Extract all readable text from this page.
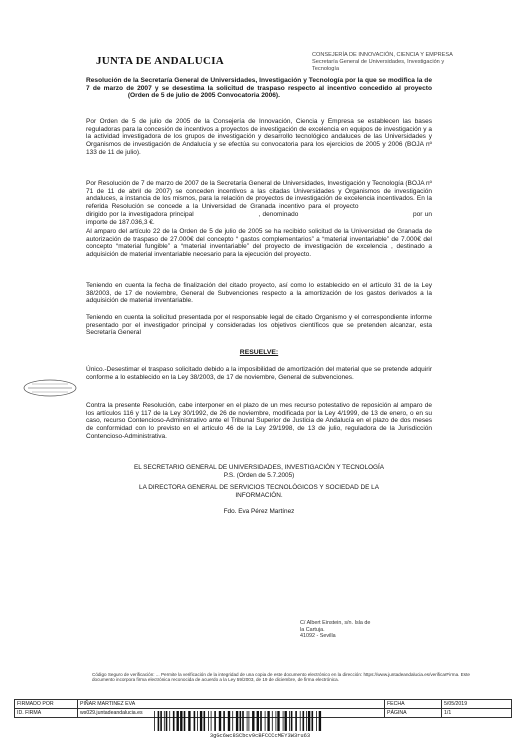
JUNTA DE ANDALUCIA	CONSEJERÍA DE INNOVACIÓN, CIENCIA Y EMPRESA
Secretaría General de Universidades, Investigación y
Tecnología
Resolución de la Secretaría General de Universidades, Investigación y Tecnología por la que se modifica la de 7 de marzo de 2007 y se desestima la solicitud de traspaso respecto al incentivo concedido al proyecto  (Orden de 5 de julio de 2005 Convocatoria 2006).
Por Orden de 5 de julio de 2005 de la Consejería de Innovación, Ciencia y Empresa se establecen las bases reguladoras para la concesión de incentivos a proyectos de investigación de excelencia en equipos de investigación y a la actividad investigadora de los grupos de investigación y desarrollo tecnológico andaluces de las Universidades y Organismos de investigación de Andalucía y se efectúa su convocatoria para los ejercicios de 2005 y 2006 (BOJA nº 133 de 11 de julio).
Por Resolución de 7 de marzo de 2007 de la Secretaría General de Universidades, Investigación y Tecnología (BOJA nº 71 de 11 de abril de 2007) se conceden incentivos a las citadas Universidades y Organismos de investigación andaluces, a instancia de los mismos, para la relación de proyectos de investigación de excelencia incentivados. En la referida Resolución se concede a la Universidad de Granada incentivo para el proyecto  dirigido por la investigadora principal	, denominado	por un importe de 187.036,3 €.
Al amparo del artículo 22 de la Orden de 5 de julio de 2005 se ha recibido solicitud de la Universidad de Granada de autorización de traspaso de 27.000€ del concepto “ gastos complementarios” a “material inventariable” de 7.000€ del concepto “material fungible” a “material inventariable” del proyecto de investigación de excelencia , destinado a adquisición de material inventariable necesario para la ejecución del proyecto.
Teniendo en cuenta la fecha de finalización del citado proyecto, así como lo establecido en el artículo 31 de la Ley 38/2003, de 17 de noviembre, General de Subvenciones respecto a la amortización de los gastos derivados a la adquisición de material inventariable.
Teniendo en cuenta la solicitud presentada por el responsable legal de citado Organismo y el correspondiente informe presentado por el investigador principal y consideradas los objetivos científicos que se pretenden alcanzar, esta Secretaría General
RESUELVE:
Único.-Desestimar el traspaso solicitado debido a la imposibilidad de amortización del material que se pretende adquirir conforme a lo establecido en la Ley 38/2003, de 17 de noviembre, General de subvenciones.
Contra la presente Resolución, cabe interponer en el plazo de un mes recurso potestativo de reposición al amparo de los artículos 116 y 117 de la Ley 30/1992, de 26 de noviembre, modificada por la Ley 4/1999, de 13 de enero, o en su caso, recurso Contencioso-Administrativo ante el Tribunal Superior de Justicia de Andalucía en el plazo de dos meses de conformidad con lo previsto en el artículo 46 de la Ley 29/1998, de 13 de julio, reguladora de la Jurisdicción Contencioso-Administrativa.
EL SECRETARIO GENERAL DE UNIVERSIDADES, INVESTIGACIÓN Y TECNOLOGÍA
P.S. (Orden de 5.7.2005)
LA DIRECTORA GENERAL DE SERVICIOS TECNOLÓGICOS Y SOCIEDAD DE LA INFORMACIÓN.
Fdo. Eva Pérez Martínez
C/ Albert Einstein, s/n. Isla de
la Cartuja.
41092 - Sevilla
Código Seguro de verificación: ... Permite la verificación de la integridad de una copia de este documento electrónico en la dirección: https://www.juntadeandalucia.es/verificarFirma. Este documento incorpora firma electrónica reconocida de acuerdo a la Ley 59/2003, de 19 de diciembre, de firma electrónica.
FIRMADO POR	PIÑAR MARTINEZ EVA	FECHA	5/05/2019
ID. FIRMA	ws029.juntadeandalucia.es	PÁGINA	1/1
3gGc6wc8SCbcv9cBFCCCcMEY3W3ru63
